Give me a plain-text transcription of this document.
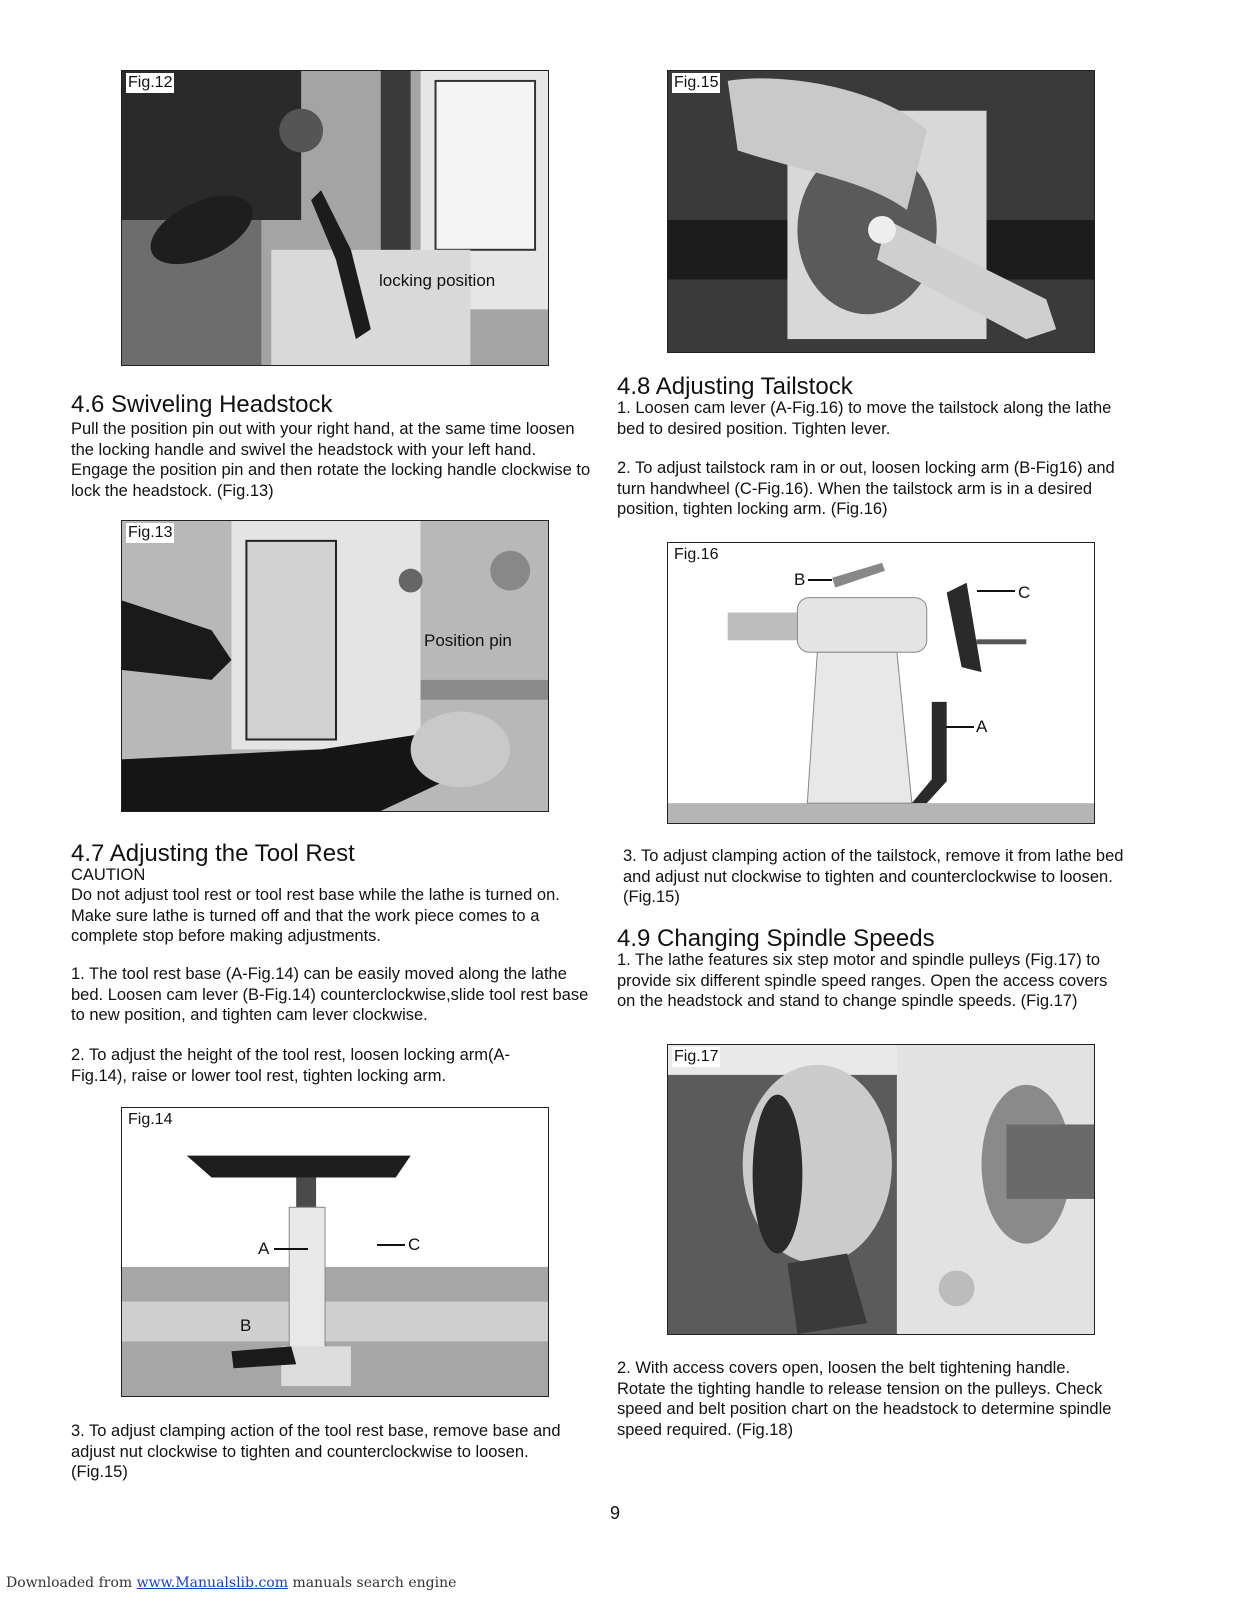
Fig.12
locking position
4.6 Swiveling Headstock

Pull the position pin out with your right hand, at the same time loosen the locking handle and swivel the headstock with your left hand. Engage the position pin and then rotate the locking handle clockwise to lock the headstock. (Fig.13)

Fig.13
Position pin
4.7 Adjusting the Tool Rest

CAUTION

Do not adjust tool rest or tool rest base while the lathe is turned on. Make sure lathe is turned off and that the work piece comes to a complete stop before making adjustments.

1. The tool rest base (A-Fig.14) can be easily moved along the lathe bed. Loosen cam lever (B-Fig.14) counterclockwise,slide tool rest base to new position, and tighten cam lever clockwise.

2. To adjust the height of the tool rest, loosen locking arm(A-Fig.14), raise or lower tool rest, tighten locking arm.

Fig.14
A	C
B

3. To adjust clamping action of the tool rest base, remove base and adjust nut clockwise to tighten and counterclockwise to loosen. (Fig.15)

Fig.15
4.8 Adjusting Tailstock

1. Loosen cam lever (A-Fig.16) to move the tailstock along the lathe bed to desired position. Tighten lever.

2. To adjust tailstock ram in or out, loosen locking arm (B-Fig16) and turn handwheel (C-Fig.16). When the tailstock arm is in a desired position, tighten locking arm. (Fig.16)

Fig.16
B
C
A

3. To adjust clamping action of the tailstock, remove it from lathe bed and adjust nut clockwise to tighten and counterclockwise to loosen. (Fig.15)

4.9 Changing Spindle Speeds

1. The lathe features six step motor and spindle pulleys (Fig.17) to provide six different spindle speed ranges. Open the access covers on the headstock and stand to change spindle speeds. (Fig.17)

Fig.17

2. With access covers open, loosen the belt tightening handle. Rotate the tighting handle to release tension on the pulleys. Check speed and belt position chart on the headstock to determine spindle speed required. (Fig.18)

9
Downloaded from www.Manualslib.com manuals search engine
